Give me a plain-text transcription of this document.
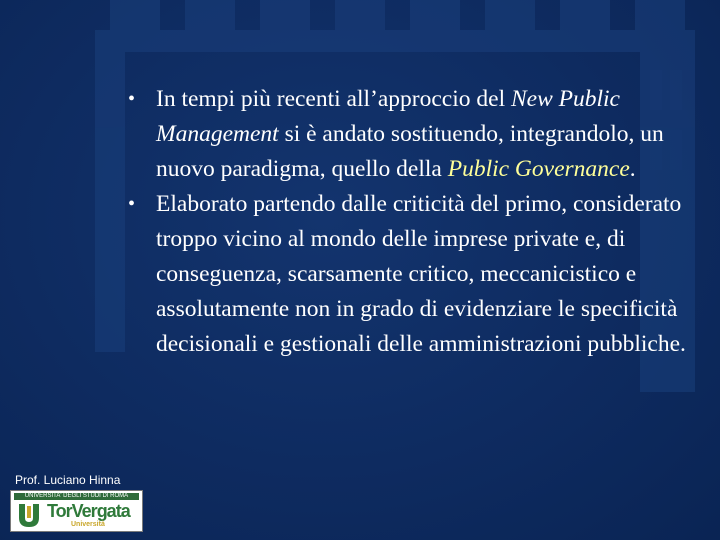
• In tempi più recenti all’approccio del New Public Management si è andato sostituendo, integrandolo, un nuovo paradigma, quello della Public Governance.
• Elaborato partendo dalle criticità del primo, considerato troppo vicino al mondo delle imprese private e, di conseguenza, scarsamente critico, meccanicistico e assolutamente non in grado di evidenziare le specificità decisionali e gestionali delle amministrazioni pubbliche.
Prof. Luciano Hinna
UNIVERSITA' DEGLI STUDI DI ROMA
TorVergata
Università
